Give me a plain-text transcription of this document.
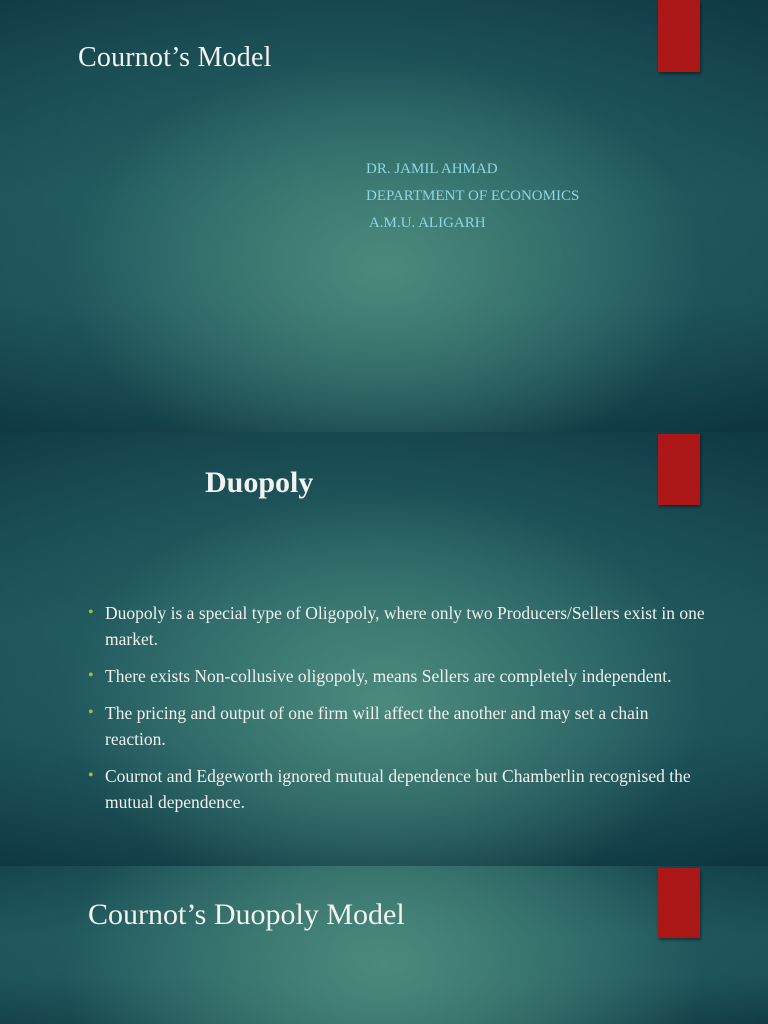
Cournot’s Model
DR. JAMIL AHMAD
DEPARTMENT OF ECONOMICS
A.M.U. ALIGARH
Duopoly
• Duopoly is a special type of Oligopoly, where only two Producers/Sellers exist in one market.
• There exists Non-collusive oligopoly, means Sellers are completely independent.
• The pricing and output of one firm will affect the another and may set a chain reaction.
• Cournot and Edgeworth ignored mutual dependence but Chamberlin recognised the mutual dependence.
Cournot’s Duopoly Model
